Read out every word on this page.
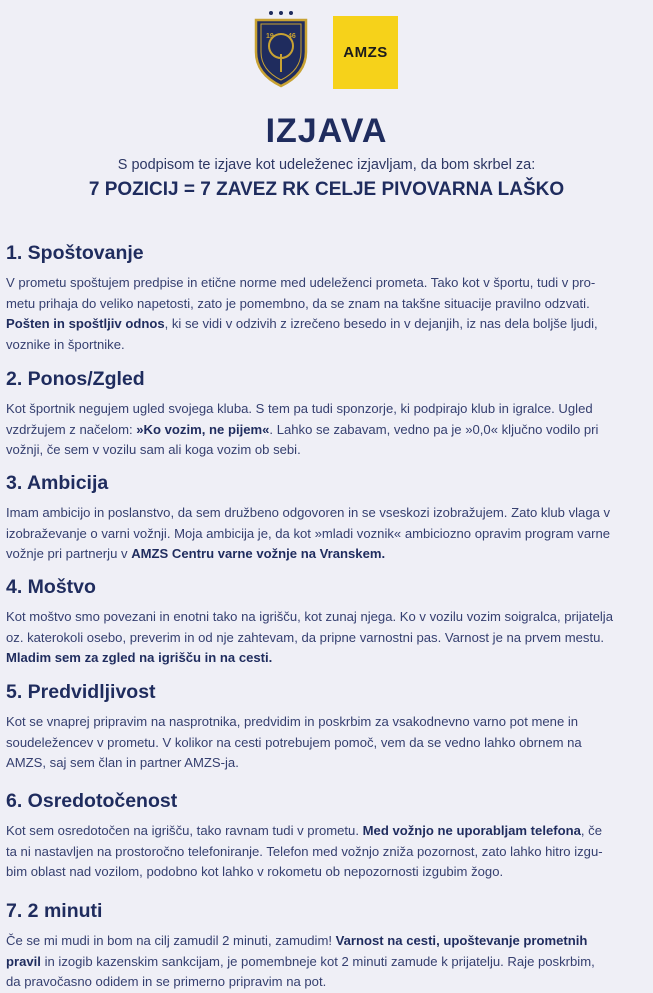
19 46
AMZS
IZJAVA
S podpisom te izjave kot udeleženec izjavljam, da bom skrbel za:
7 POZICIJ = 7 ZAVEZ RK CELJE PIVOVARNA LAŠKO
1. Spoštovanje

V prometu spoštujem predpise in etične norme med udeleženci prometa. Tako kot v športu, tudi v pro-
metu prihaja do veliko napetosti, zato je pomembno, da se znam na takšne situacije pravilno odzvati.
Pošten in spoštljiv odnos, ki se vidi v odzivih z izrečeno besedo in v dejanjih, iz nas dela boljše ljudi,
voznike in športnike.

2. Ponos/Zgled

Kot športnik negujem ugled svojega kluba. S tem pa tudi sponzorje, ki podpirajo klub in igralce. Ugled
vzdržujem z načelom: »Ko vozim, ne pijem«. Lahko se zabavam, vedno pa je »0,0« ključno vodilo pri
vožnji, če sem v vozilu sam ali koga vozim ob sebi.

3. Ambicija

Imam ambicijo in poslanstvo, da sem družbeno odgovoren in se vseskozi izobražujem. Zato klub vlaga v
izobraževanje o varni vožnji. Moja ambicija je, da kot »mladi voznik« ambiciozno opravim program varne
vožnje pri partnerju v AMZS Centru varne vožnje na Vranskem.

4. Moštvo

Kot moštvo smo povezani in enotni tako na igrišču, kot zunaj njega. Ko v vozilu vozim soigralca, prijatelja
oz. katerokoli osebo, preverim in od nje zahtevam, da pripne varnostni pas. Varnost je na prvem mestu.
Mladim sem za zgled na igrišču in na cesti.

5. Predvidljivost

Kot se vnaprej pripravim na nasprotnika, predvidim in poskrbim za vsakodnevno varno pot mene in
soudeležencev v prometu. V kolikor na cesti potrebujem pomoč, vem da se vedno lahko obrnem na
AMZS, saj sem član in partner AMZS-ja.

6. Osredotočenost

Kot sem osredotočen na igrišču, tako ravnam tudi v prometu. Med vožnjo ne uporabljam telefona, če
ta ni nastavljen na prostoročno telefoniranje. Telefon med vožnjo zniža pozornost, zato lahko hitro izgu-
bim oblast nad vozilom, podobno kot lahko v rokometu ob nepozornosti izgubim žogo.

7. 2 minuti

Če se mi mudi in bom na cilj zamudil 2 minuti, zamudim! Varnost na cesti, upoštevanje prometnih
pravil in izogib kazenskim sankcijam, je pomembneje kot 2 minuti zamude k prijatelju. Raje poskrbim,
da pravočasno odidem in se primerno pripravim na pot.
